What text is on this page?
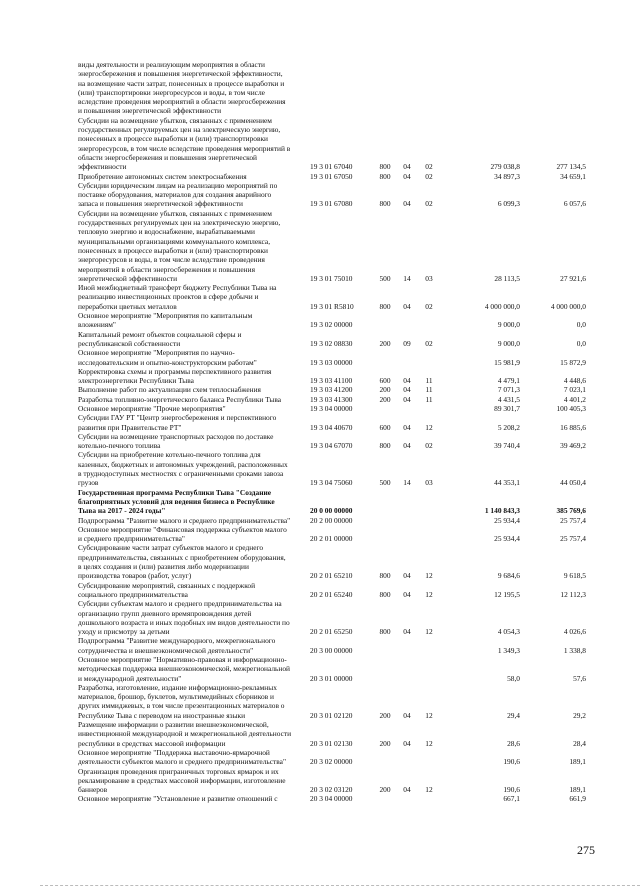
виды деятельности и реализующим мероприятия в области
энергосбережения и повышения энергетической эффективности,
на возмещение части затрат, понесенных в процессе выработки и
(или) транспортировки энергоресурсов и воды, в том числе
вследствие проведения мероприятий в области энергосбережения
и повышения энергетической эффективности
Субсидии на возмещение убытков, связанных с применением
государственных регулируемых цен на электрическую энергию,
понесенных в процессе выработки и (или) транспортировки
энергоресурсов, в том числе вследствие проведения мероприятий в
области энергосбережения и повышения энергетической
эффективности	19 3 01 67040	800	04	02	279 038,8	277 134,5
Приобретение автономных систем электроснабжения	19 3 01 67050	800	04	02	34 897,3	34 659,1
Субсидии юридическим лицам на реализацию мероприятий по
поставке оборудования, материалов для создания аварийного
запаса и повышения энергетической эффективности	19 3 01 67080	800	04	02	6 099,3	6 057,6
Субсидии на возмещение убытков, связанных с применением
государственных регулируемых цен на электрическую энергию,
тепловую энергию и водоснабжение, вырабатываемыми
муниципальными организациями коммунального комплекса,
понесенных в процессе выработки и (или) транспортировки
энергоресурсов и воды, в том числе вследствие проведения
мероприятий в области энергосбережения и повышения
энергетической эффективности	19 3 01 75010	500	14	03	28 113,5	27 921,6
Иной межбюджетный трансферт бюджету Республики Тыва на
реализацию инвестиционных проектов в сфере добычи и
переработки цветных металлов	19 3 01 R5810	800	04	02	4 000 000,0	4 000 000,0
Основное мероприятие "Мероприятия по капитальным
вложениям"	19 3 02 00000	9 000,0	0,0
Капитальный ремонт объектов социальной сферы и
республиканской собственности	19 3 02 08830	200	09	02	9 000,0	0,0
Основное мероприятие "Мероприятия по научно-
исследовательским и опытно-конструкторским работам"	19 3 03 00000	15 981,9	15 872,9
Корректировка схемы и программы перспективного развития
электроэнергетики Республики Тыва	19 3 03 41100	600	04	11	4 479,1	4 448,6
Выполнение работ по актуализации схем теплоснабжения	19 3 03 41200	200	04	11	7 071,3	7 023,1
Разработка топливно-энергетического баланса Республики Тыва	19 3 03 41300	200	04	11	4 431,5	4 401,2
Основное мероприятие "Прочие мероприятия"	19 3 04 00000	89 301,7	100 405,3
Субсидии ГАУ РТ "Центр энергосбережения и перспективного
развития при Правительстве РТ"	19 3 04 40670	600	04	12	5 208,2	16 885,6
Субсидии на возмещение транспортных расходов по доставке
котельно-печного топлива	19 3 04 67070	800	04	02	39 740,4	39 469,2
Субсидии на приобретение котельно-печного топлива для
казенных, бюджетных и автономных учреждений, расположенных
в труднодоступных местностях с ограниченными сроками завоза
грузов	19 3 04 75060	500	14	03	44 353,1	44 050,4
Государственная программа Республики Тыва "Создание
благоприятных условий для ведения бизнеса в Республике
Тыва на 2017 - 2024 годы"	20 0 00 00000	1 140 843,3	385 769,6
Подпрограмма "Развитие малого и среднего предпринимательства"	20 2 00 00000	25 934,4	25 757,4
Основное мероприятие "Финансовая поддержка субъектов малого
и среднего предпринимательства"	20 2 01 00000	25 934,4	25 757,4
Субсидирование части затрат субъектов малого и среднего
предпринимательства, связанных с приобретением оборудования,
в целях создания и (или) развития либо модернизации
производства товаров (работ, услуг)	20 2 01 65210	800	04	12	9 684,6	9 618,5
Субсидирование мероприятий, связанных с поддержкой
социального предпринимательства	20 2 01 65240	800	04	12	12 195,5	12 112,3
Субсидии субъектам малого и среднего предпринимательства на
организацию групп дневного времяпровождения детей
дошкольного возраста и иных подобных им видов деятельности по
уходу и присмотру за детьми	20 2 01 65250	800	04	12	4 054,3	4 026,6
Подпрограмма "Развитие международного, межрегионального
сотрудничества и внешнеэкономической деятельности"	20 3 00 00000	1 349,3	1 338,8
Основное мероприятие "Нормативно-правовая и информационно-
методическая поддержка внешнеэкономической, межрегиональной
и международной деятельности"	20 3 01 00000	58,0	57,6
Разработка, изготовление, издание информационно-рекламных
материалов, брошюр, буклетов, мультимедийных сборников и
других иммиджевых, в том числе презентационных материалов о
Республике Тыва с переводом на иностранные языки	20 3 01 02120	200	04	12	29,4	29,2
Размещение информации о развитии внешнеэкономической,
инвестиционной международной и межрегиональной деятельности
республики в средствах массовой информации	20 3 01 02130	200	04	12	28,6	28,4
Основное мероприятие "Поддержка выставочно-ярмарочной
деятельности субъектов малого и среднего предпринимательства"	20 3 02 00000	190,6	189,1
Организация проведения приграничных торговых ярмарок и их
рекламирование в средствах массовой информации, изготовление
баннеров	20 3 02 03120	200	04	12	190,6	189,1
Основное мероприятие "Установление и развитие отношений с	20 3 04 00000	667,1	661,9
275
